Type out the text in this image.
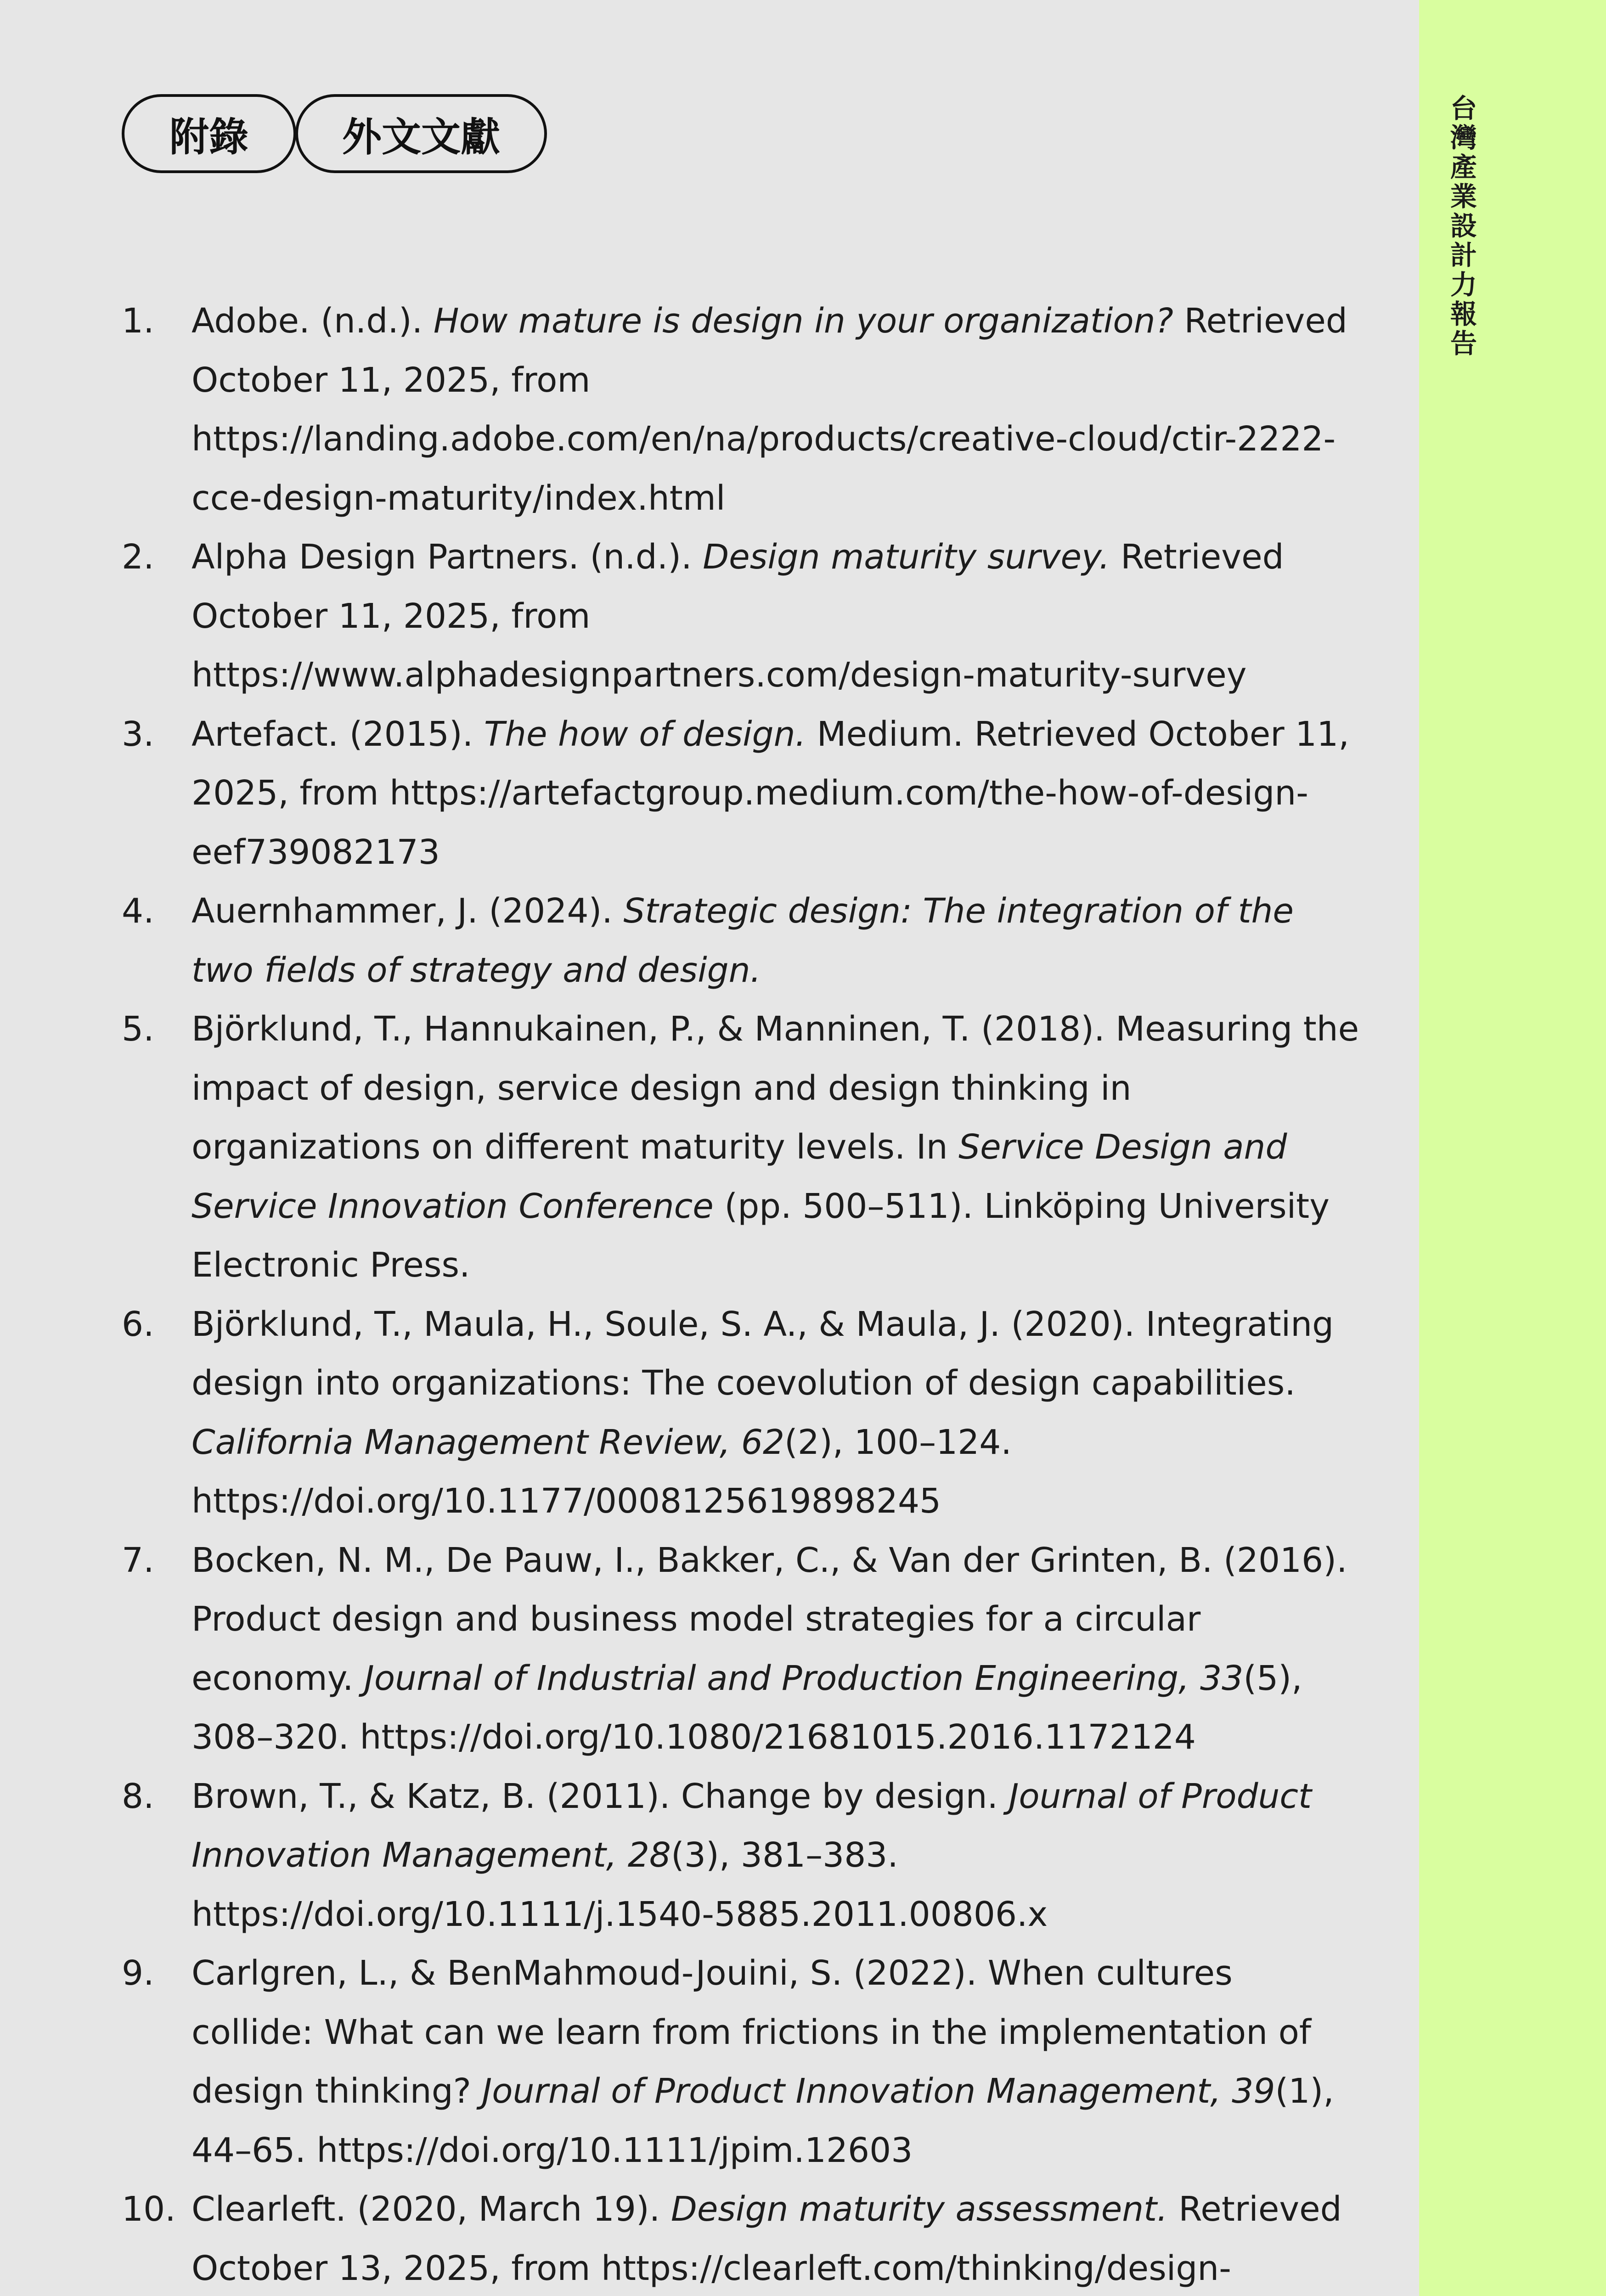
台灣產業設計力報告
附錄	外文文獻
1. Adobe. (n.d.). How mature is design in your organization? Retrieved October 11, 2025, from https://landing.adobe.com/en/na/products/creative-cloud/ctir-2222-cce-design-maturity/index.html
2. Alpha Design Partners. (n.d.). Design maturity survey. Retrieved October 11, 2025, from https://www.alphadesignpartners.com/design-maturity-survey
3. Artefact. (2015). The how of design. Medium. Retrieved October 11, 2025, from https://artefactgroup.medium.com/the-how-of-design-eef739082173
4. Auernhammer, J. (2024). Strategic design: The integration of the two fields of strategy and design.
5. Björklund, T., Hannukainen, P., & Manninen, T. (2018). Measuring the impact of design, service design and design thinking in organizations on different maturity levels. In Service Design and Service Innovation Conference (pp. 500–511). Linköping University Electronic Press.
6. Björklund, T., Maula, H., Soule, S. A., & Maula, J. (2020). Integrating design into organizations: The coevolution of design capabilities. California Management Review, 62(2), 100–124. https://doi.org/10.1177/0008125619898245
7. Bocken, N. M., De Pauw, I., Bakker, C., & Van der Grinten, B. (2016). Product design and business model strategies for a circular economy. Journal of Industrial and Production Engineering, 33(5), 308–320. https://doi.org/10.1080/21681015.2016.1172124
8. Brown, T., & Katz, B. (2011). Change by design. Journal of Product Innovation Management, 28(3), 381–383. https://doi.org/10.1111/j.1540-5885.2011.00806.x
9. Carlgren, L., & BenMahmoud‐Jouini, S. (2022). When cultures collide: What can we learn from frictions in the implementation of design thinking? Journal of Product Innovation Management, 39(1), 44–65. https://doi.org/10.1111/jpim.12603
10. Clearleft. (2020, March 19). Design maturity assessment. Retrieved October 13, 2025, from https://clearleft.com/thinking/design-
